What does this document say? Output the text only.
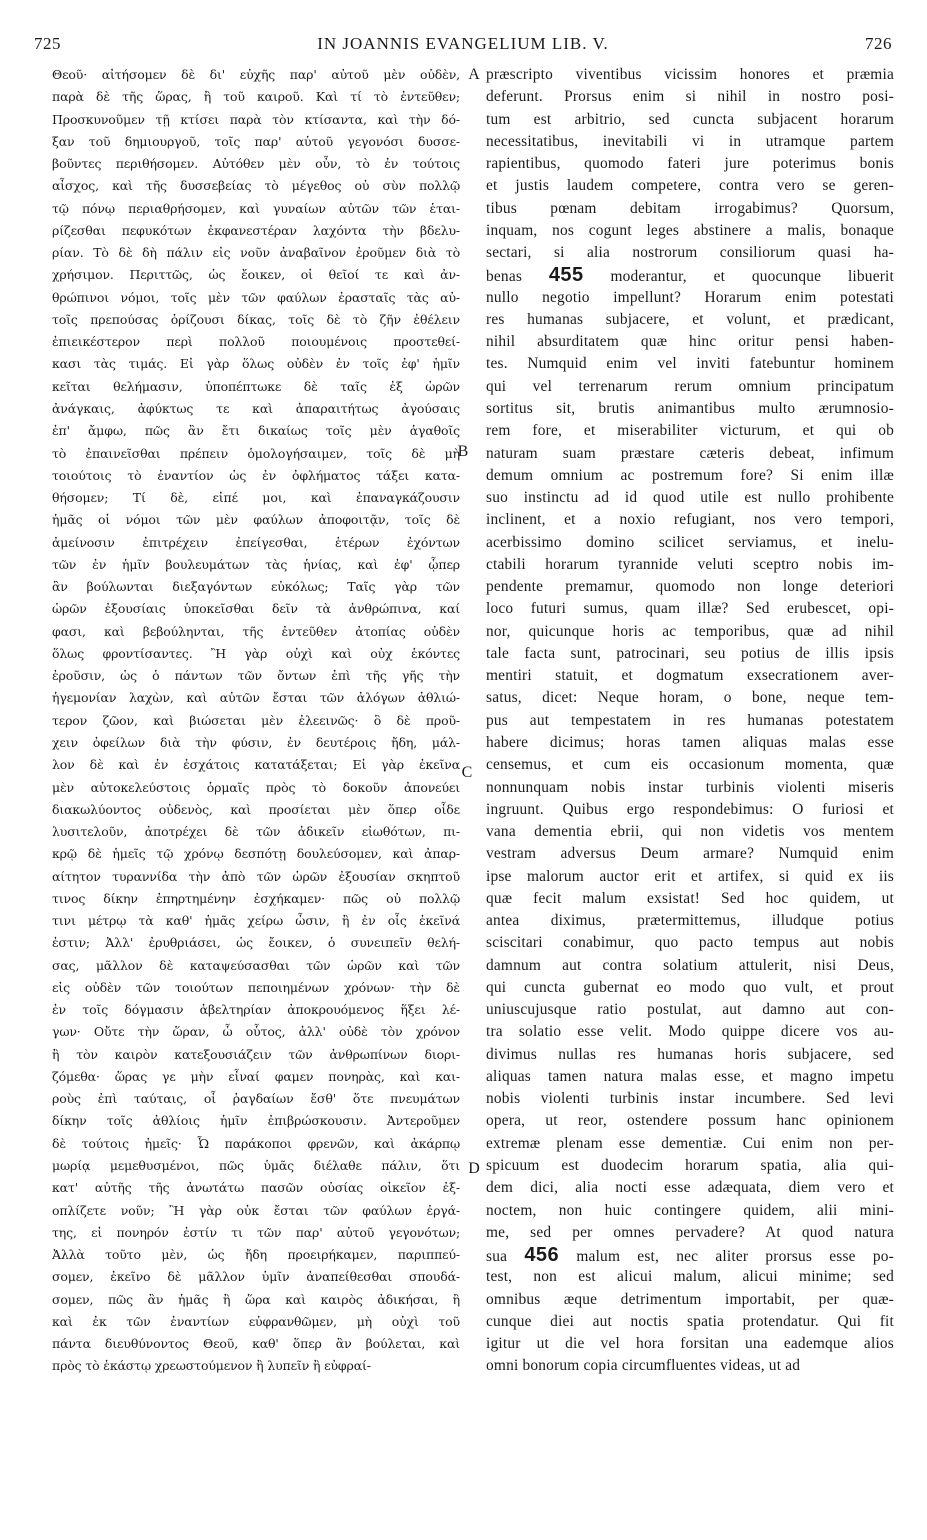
725	IN JOANNIS EVANGELIUM LIB. V.	726
Θεοῦ· αἰτήσομεν δὲ δι' εὐχῆς παρ' αὐτοῦ μὲν οὐδὲν,
παρὰ δὲ τῆς ὥρας, ἢ τοῦ καιροῦ. Καὶ τί τὸ ἐντεῦθεν;
Προσκυνοῦμεν τῇ κτίσει παρὰ τὸν κτίσαντα, καὶ τὴν δό-
ξαν τοῦ δημιουργοῦ, τοῖς παρ' αὐτοῦ γεγονόσι δυσσε-
βοῦντες περιθήσομεν. Αὐτόθεν μὲν οὖν, τὸ ἐν τούτοις
αἶσχος, καὶ τῆς δυσσεβείας τὸ μέγεθος οὐ σὺν πολλῷ
τῷ πόνῳ περιαθρήσομεν, καὶ γυναίων αὐτῶν τῶν ἑται-
ρίζεσθαι πεφυκότων ἐκφανεστέραν λαχόντα τὴν βδελυ-
ρίαν. Τὸ δὲ δὴ πάλιν εἰς νοῦν ἀναβαῖνον ἐροῦμεν διὰ τὸ
χρήσιμον. Περιττῶς, ὡς ἔοικεν, οἱ θεῖοί τε καὶ ἀν-
θρώπινοι νόμοι, τοῖς μὲν τῶν φαύλων ἐρασταῖς τὰς αὐ-
τοῖς πρεπούσας ὁρίζουσι δίκας, τοῖς δὲ τὸ ζῆν ἐθέλειν
ἐπιεικέστερον περὶ πολλοῦ ποιουμένοις προστεθεί-
κασι τὰς τιμάς. Εἰ γὰρ ὅλως οὐδὲν ἐν τοῖς ἐφ' ἡμῖν
κεῖται θελήμασιν, ὑποπέπτωκε δὲ ταῖς ἐξ ὡρῶν
ἀνάγκαις, ἀφύκτως τε καὶ ἀπαραιτήτως ἀγούσαις
ἐπ' ἄμφω, πῶς ἂν ἔτι δικαίως τοῖς μὲν ἀγαθοῖς
τὸ ἐπαινεῖσθαι πρέπειν ὁμολογήσαιμεν, τοῖς δὲ μὴ
τοιούτοις τὸ ἐναντίον ὡς ἐν ὀφλήματος τάξει κατα-
θήσομεν; Τί δὲ, εἰπέ μοι, καὶ ἐπαναγκάζουσιν
ἡμᾶς οἱ νόμοι τῶν μὲν φαύλων ἀποφοιτᾷν, τοῖς δὲ
ἀμείνοσιν ἐπιτρέχειν ἐπείγεσθαι, ἑτέρων ἐχόντων
τῶν ἐν ἡμῖν βουλευμάτων τὰς ἡνίας, καὶ ἐφ' ᾧπερ
ἂν βούλωνται διεξαγόντων εὐκόλως; Ταῖς γὰρ τῶν
ὡρῶν ἐξουσίαις ὑποκεῖσθαι δεῖν τὰ ἀνθρώπινα, καί
φασι, καὶ βεβούληνται, τῆς ἐντεῦθεν ἀτοπίας οὐδὲν
ὅλως φροντίσαντες. Ἢ γὰρ οὐχὶ καὶ οὐχ ἑκόντες
ἐροῦσιν, ὡς ὁ πάντων τῶν ὄντων ἐπὶ τῆς γῆς τὴν
ἡγεμονίαν λαχὼν, καὶ αὐτῶν ἔσται τῶν ἀλόγων ἀθλιώ-
τερον ζῶον, καὶ βιώσεται μὲν ἐλεεινῶς· ὃ δὲ προῦ-
χειν ὀφείλων διὰ τὴν φύσιν, ἐν δευτέροις ἤδη, μάλ-
λον δὲ καὶ ἐν ἐσχάτοις κατατάξεται; Εἰ γὰρ ἐκεῖνα
μὲν αὐτοκελεύστοις ὁρμαῖς πρὸς τὸ δοκοῦν ἀπονεύει
διακωλύοντος οὐδενὸς, καὶ προσίεται μὲν ὅπερ οἶδε
λυσιτελοῦν, ἀποτρέχει δὲ τῶν ἀδικεῖν εἰωθότων, πι-
κρῷ δὲ ἡμεῖς τῷ χρόνῳ δεσπότῃ δουλεύσομεν, καὶ ἀπαρ-
αίτητον τυραννίδα τὴν ἀπὸ τῶν ὡρῶν ἐξουσίαν σκηπτοῦ
τινος δίκην ἐπηρτημένην ἐσχήκαμεν· πῶς οὐ πολλῷ
τινι μέτρῳ τὰ καθ' ἡμᾶς χείρω ὦσιν, ἢ ἐν οἷς ἐκεῖνά
ἐστιν; Ἀλλ' ἐρυθριάσει, ὡς ἔοικεν, ὁ συνειπεῖν θελή-
σας, μᾶλλον δὲ καταψεύσασθαι τῶν ὡρῶν καὶ τῶν
εἰς οὐδὲν τῶν τοιούτων πεποιημένων χρόνων· τὴν δὲ
ἐν τοῖς δόγμασιν ἀβελτηρίαν ἀποκρουόμενος ἥξει λέ-
γων· Οὔτε τὴν ὥραν, ὦ οὗτος, ἀλλ' οὐδὲ τὸν χρόνον
ἢ τὸν καιρὸν κατεξουσιάζειν τῶν ἀνθρωπίνων διορι-
ζόμεθα· ὥρας γε μὴν εἶναί φαμεν πονηρὰς, καὶ και-
ροὺς ἐπὶ ταύταις, οἷ ῥαγδαίων ἔσθ' ὅτε πνευμάτων
δίκην τοῖς ἀθλίοις ἡμῖν ἐπιβρώσκουσιν. Ἀντεροῦμεν
δὲ τούτοις ἡμεῖς· Ὦ παράκοποι φρενῶν, καὶ ἀκάρπῳ
μωρίᾳ μεμεθυσμένοι, πῶς ὑμᾶς διέλαθε πάλιν, ὅτι
κατ' αὐτῆς τῆς ἀνωτάτω πασῶν οὐσίας οἰκεῖον ἐξ-
οπλίζετε νοῦν; Ἢ γὰρ οὐκ ἔσται τῶν φαύλων ἐργά-
της, εἰ πονηρόν ἐστίν τι τῶν παρ' αὐτοῦ γεγονότων;
Ἀλλὰ τοῦτο μὲν, ὡς ἤδη προειρήκαμεν, παριππεύ-
σομεν, ἐκεῖνο δὲ μᾶλλον ὑμῖν ἀναπείθεσθαι σπουδά-
σομεν, πῶς ἂν ἡμᾶς ἢ ὥρα καὶ καιρὸς ἀδικήσαι, ἢ
καὶ ἐκ τῶν ἐναντίων εὐφρανθῶμεν, μὴ οὐχὶ τοῦ
πάντα διευθύνοντος Θεοῦ, καθ' ὅπερ ἂν βούλεται, καὶ
πρὸς τὸ ἑκάστῳ χρεωστούμενον ἢ λυπεῖν ἢ εὐφραί-
A
B
C
D
præscripto viventibus vicissim honores et præmia
deferunt. Prorsus enim si nihil in nostro posi-
tum est arbitrio, sed cuncta subjacent horarum
necessitatibus, inevitabili vi in utramque partem
rapientibus, quomodo fateri jure poterimus bonis
et justis laudem competere, contra vero se geren-
tibus pœnam debitam irrogabimus? Quorsum,
inquam, nos cogunt leges abstinere a malis, bonaque
sectari, si alia nostrorum consiliorum quasi ha-
benas 455 moderantur, et quocunque libuerit
nullo negotio impellunt? Horarum enim potestati
res humanas subjacere, et volunt, et prædicant,
nihil absurditatem quæ hinc oritur pensi haben-
tes. Numquid enim vel inviti fatebuntur hominem
qui vel terrenarum rerum omnium principatum
sortitus sit, brutis animantibus multo ærumnosio-
rem fore, et miserabiliter victurum, et qui ob
naturam suam præstare cæteris debeat, infimum
demum omnium ac postremum fore? Si enim illæ
suo instinctu ad id quod utile est nullo prohibente
inclinent, et a noxio refugiant, nos vero tempori,
acerbissimo domino scilicet serviamus, et inelu-
ctabili horarum tyrannide veluti sceptro nobis im-
pendente premamur, quomodo non longe deteriori
loco futuri sumus, quam illæ? Sed erubescet, opi-
nor, quicunque horis ac temporibus, quæ ad nihil
tale facta sunt, patrocinari, seu potius de illis ipsis
mentiri statuit, et dogmatum exsecrationem aver-
satus, dicet: Neque horam, o bone, neque tem-
pus aut tempestatem in res humanas potestatem
habere dicimus; horas tamen aliquas malas esse
censemus, et cum eis occasionum momenta, quæ
nonnunquam nobis instar turbinis violenti miseris
ingruunt. Quibus ergo respondebimus: O furiosi et
vana dementia ebrii, qui non videtis vos mentem
vestram adversus Deum armare? Numquid enim
ipse malorum auctor erit et artifex, si quid ex iis
quæ fecit malum exsistat! Sed hoc quidem, ut
antea diximus, prætermittemus, illudque potius
sciscitari conabimur, quo pacto tempus aut nobis
damnum aut contra solatium attulerit, nisi Deus,
qui cuncta gubernat eo modo quo vult, et prout
uniuscujusque ratio postulat, aut damno aut con-
tra solatio esse velit. Modo quippe dicere vos au-
divimus nullas res humanas horis subjacere, sed
aliquas tamen natura malas esse, et magno impetu
nobis violenti turbinis instar incumbere. Sed levi
opera, ut reor, ostendere possum hanc opinionem
extremæ plenam esse dementiæ. Cui enim non per-
spicuum est duodecim horarum spatia, alia qui-
dem dici, alia nocti esse adæquata, diem vero et
noctem, non huic contingere quidem, alii mini-
me, sed per omnes pervadere? At quod natura
sua 456 malum est, nec aliter prorsus esse po-
test, non est alicui malum, alicui minime; sed
omnibus æque detrimentum importabit, per quæ-
cunque diei aut noctis spatia protendatur. Qui fit
igitur ut die vel hora forsitan una eademque alios
omni bonorum copia circumfluentes videas, ut ad
